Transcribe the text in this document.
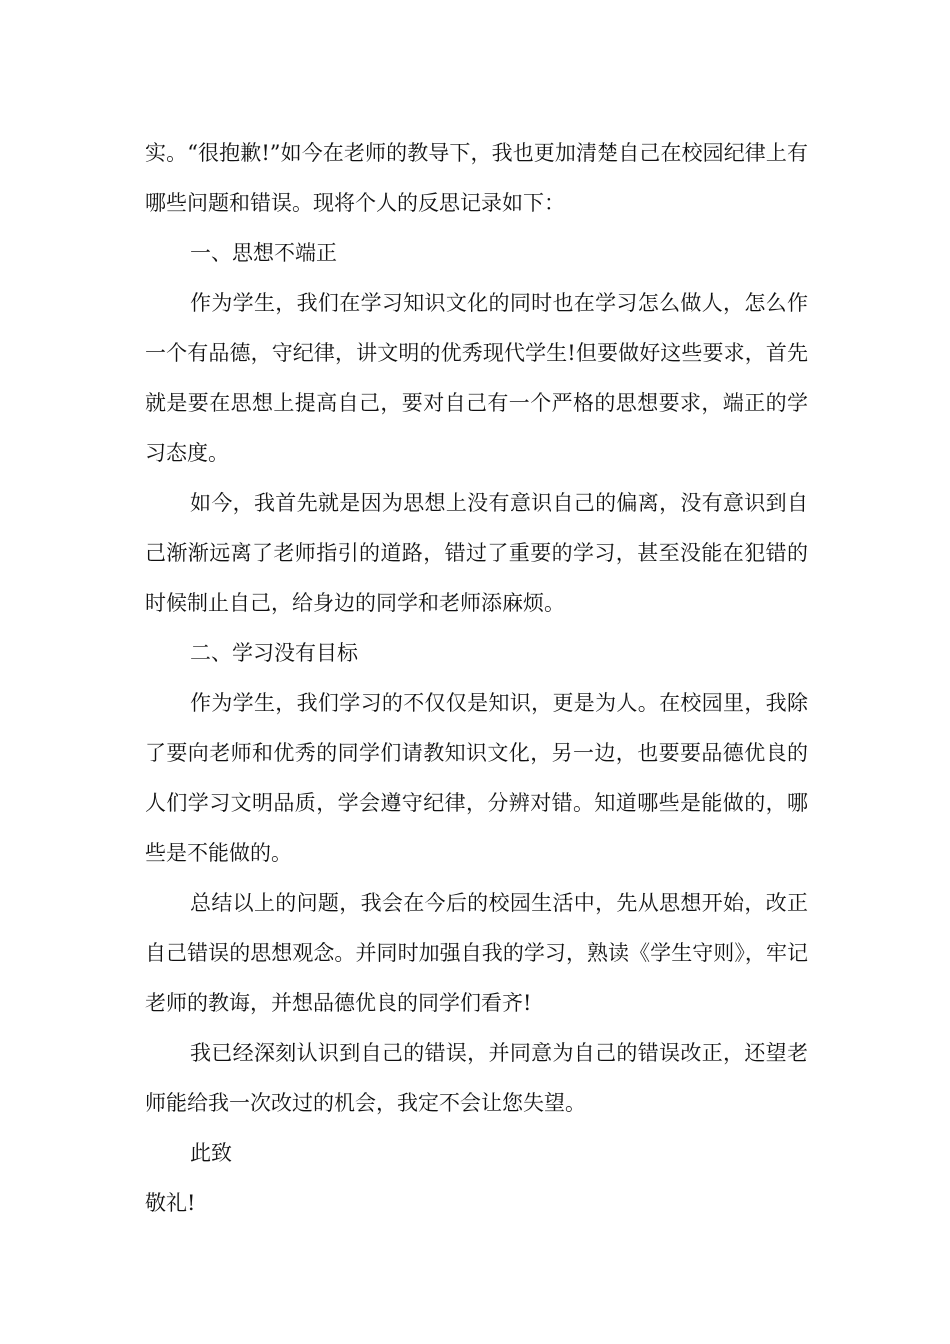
实。“很抱歉!”如今在老师的教导下，我也更加清楚自己在校园纪律上有哪些问题和错误。现将个人的反思记录如下：

一、思想不端正

作为学生，我们在学习知识文化的同时也在学习怎么做人，怎么作一个有品德，守纪律，讲文明的优秀现代学生!但要做好这些要求，首先就是要在思想上提高自己，要对自己有一个严格的思想要求，端正的学习态度。

如今，我首先就是因为思想上没有意识自己的偏离，没有意识到自己渐渐远离了老师指引的道路，错过了重要的学习，甚至没能在犯错的时候制止自己，给身边的同学和老师添麻烦。

二、学习没有目标

作为学生，我们学习的不仅仅是知识，更是为人。在校园里，我除了要向老师和优秀的同学们请教知识文化，另一边，也要要品德优良的人们学习文明品质，学会遵守纪律，分辨对错。知道哪些是能做的，哪些是不能做的。

总结以上的问题，我会在今后的校园生活中，先从思想开始，改正自己错误的思想观念。并同时加强自我的学习，熟读《学生守则》，牢记老师的教诲，并想品德优良的同学们看齐!

我已经深刻认识到自己的错误，并同意为自己的错误改正，还望老师能给我一次改过的机会，我定不会让您失望。

此致

敬礼!
